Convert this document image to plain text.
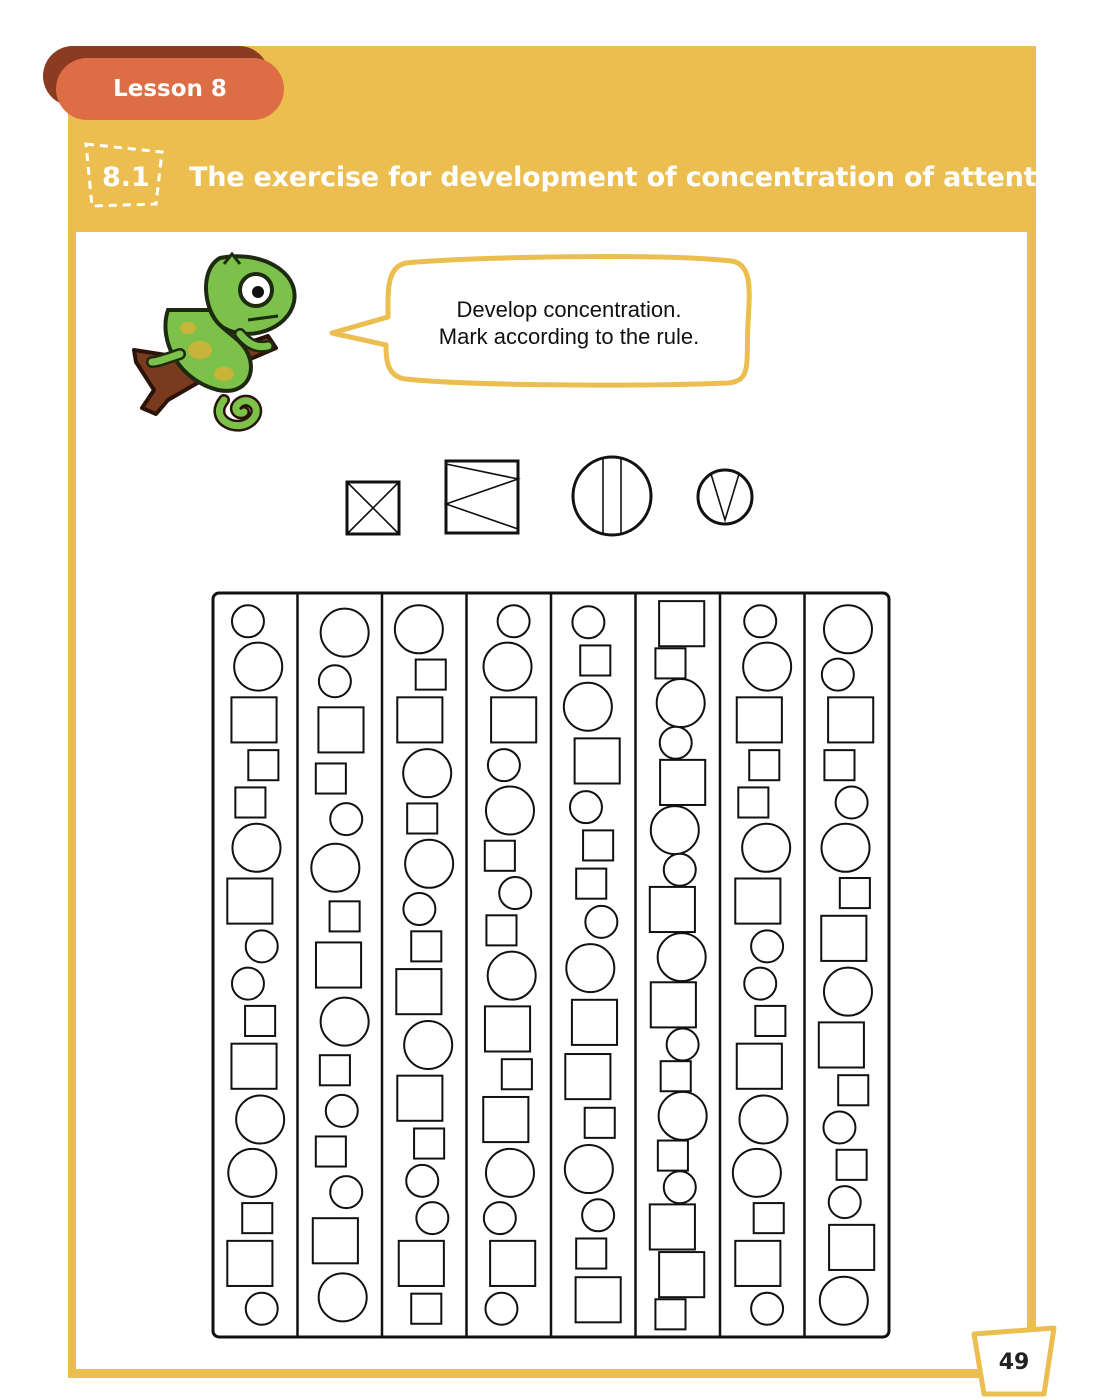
Lesson 8
8.1 The exercise for development of concentration of attention
Develop concentration.
Mark according to the rule.
49
